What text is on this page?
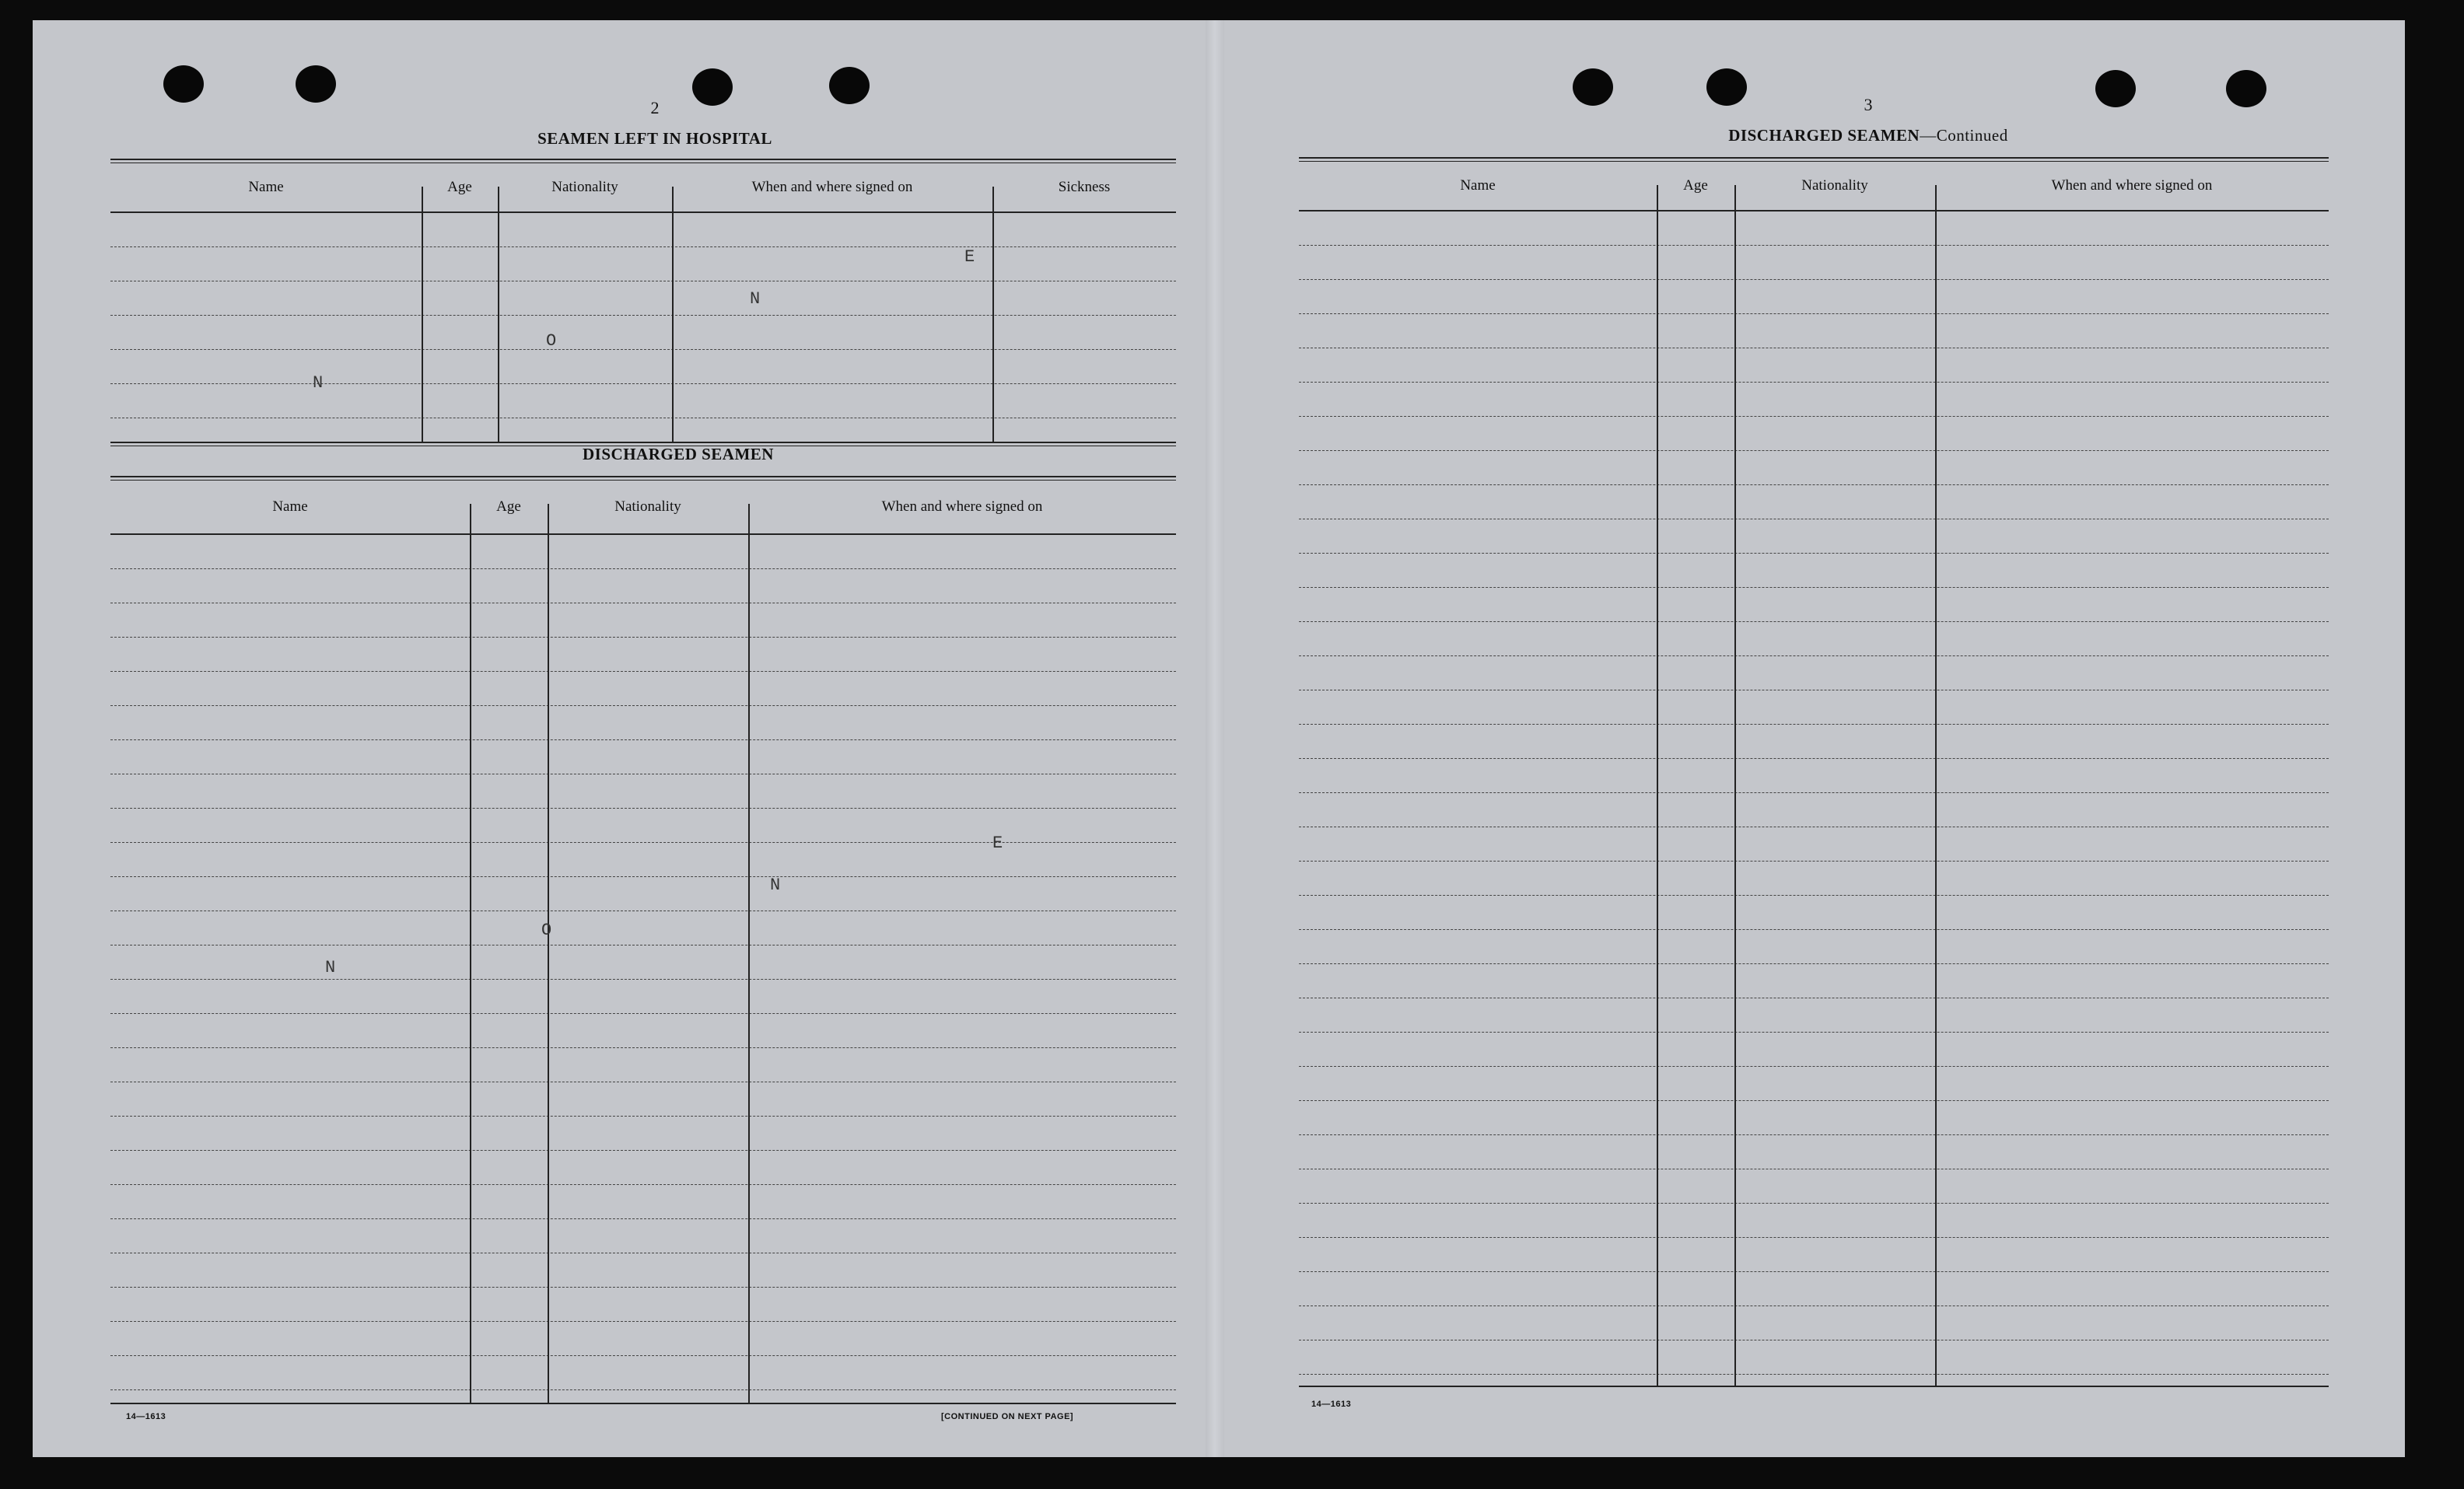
2
SEAMEN LEFT IN HOSPITAL
Name	Age	Nationality	When and where signed on	Sickness
N
O
N
E
DISCHARGED SEAMEN
Name	Age	Nationality	When and where signed on
N
O
N
E
14—1613	[CONTINUED ON NEXT PAGE]
3
DISCHARGED SEAMEN—Continued
Name	Age	Nationality	When and where signed on
14—1613
